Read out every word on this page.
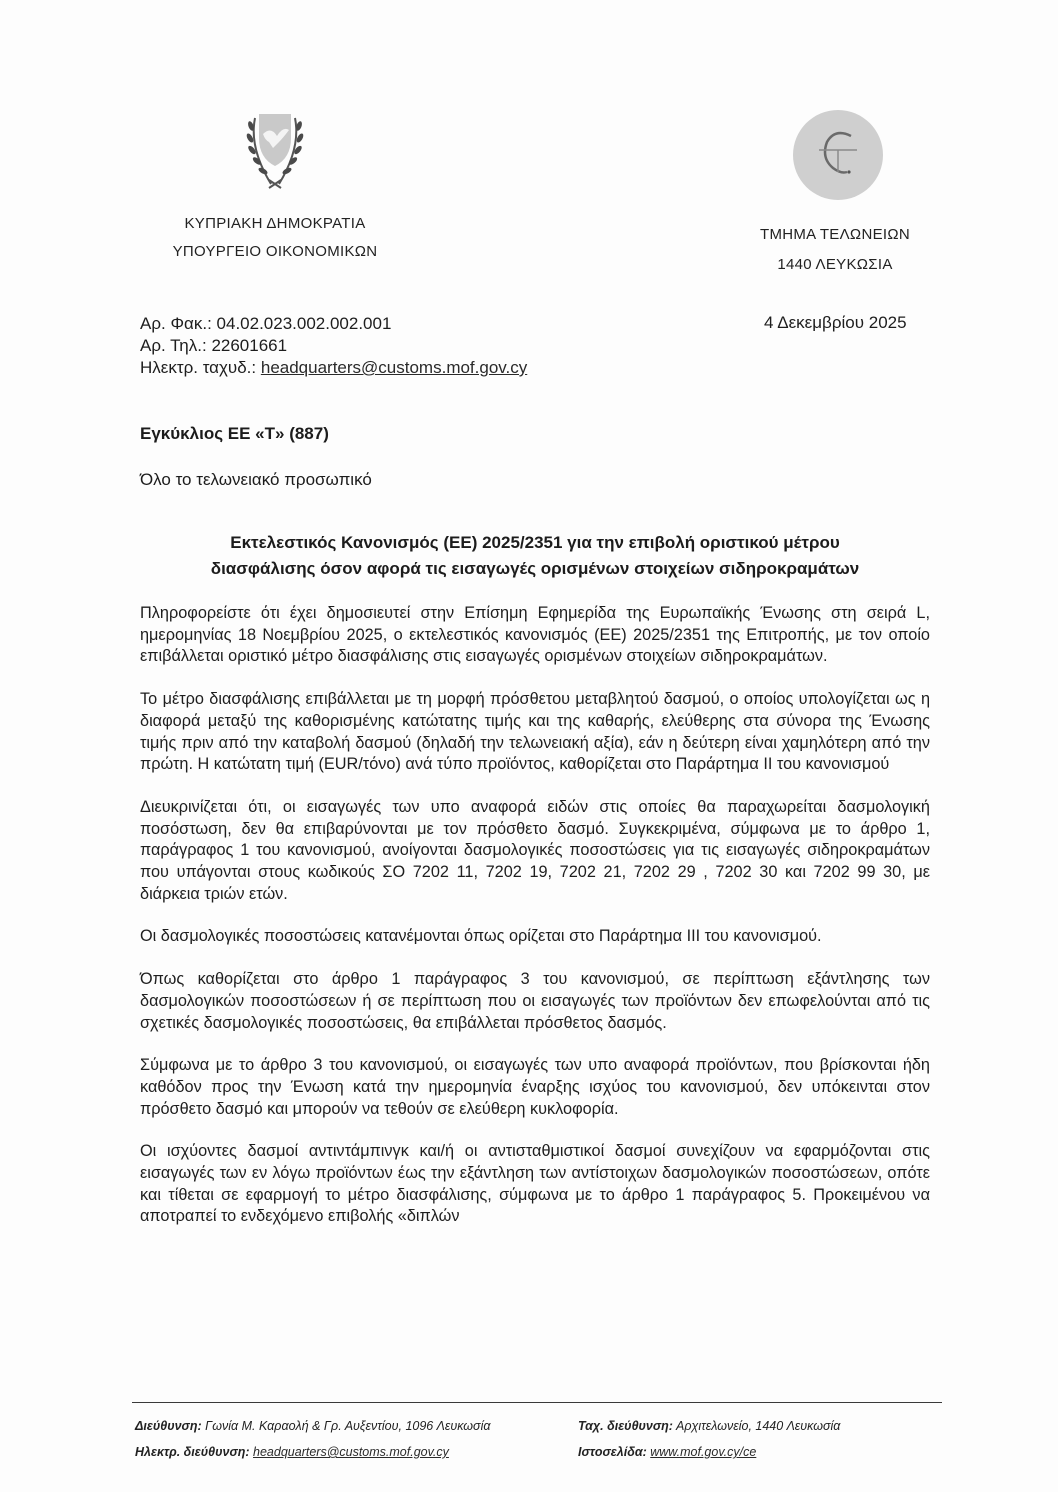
ΚΥΠΡΙΑΚΗ ΔΗΜΟΚΡΑΤΙΑ
ΥΠΟΥΡΓΕΙΟ ΟΙΚΟΝΟΜΙΚΩΝ
ΤΜΗΜΑ ΤΕΛΩΝΕΙΩΝ
1440 ΛΕΥΚΩΣΙΑ
Αρ. Φακ.: 04.02.023.002.002.001
Αρ. Τηλ.: 22601661
Ηλεκτρ. ταχυδ.: headquarters@customs.mof.gov.cy
4 Δεκεμβρίου 2025
Εγκύκλιος ΕΕ «Τ» (887)
Όλο το τελωνειακό προσωπικό
Εκτελεστικός Κανονισμός (ΕΕ) 2025/2351 για την επιβολή οριστικού μέτρου
διασφάλισης όσον αφορά τις εισαγωγές ορισμένων στοιχείων σιδηροκραμάτων

Πληροφορείστε ότι έχει δημοσιευτεί στην Επίσημη Εφημερίδα της Ευρωπαϊκής Ένωσης στη σειρά L, ημερομηνίας 18 Νοεμβρίου 2025, ο εκτελεστικός κανονισμός (ΕΕ) 2025/2351 της Επιτροπής, με τον οποίο επιβάλλεται οριστικό μέτρο διασφάλισης στις εισαγωγές ορισμένων στοιχείων σιδηροκραμάτων.

Το μέτρο διασφάλισης επιβάλλεται με τη μορφή πρόσθετου μεταβλητού δασμού, ο οποίος υπολογίζεται ως η διαφορά μεταξύ της καθορισμένης κατώτατης τιμής και της καθαρής, ελεύθερης στα σύνορα της Ένωσης τιμής πριν από την καταβολή δασμού (δηλαδή την τελωνειακή αξία), εάν η δεύτερη είναι χαμηλότερη από την πρώτη. Η κατώτατη τιμή (EUR/τόνο) ανά τύπο προϊόντος, καθορίζεται στο Παράρτημα ΙΙ του κανονισμού

Διευκρινίζεται ότι, οι εισαγωγές των υπο αναφορά ειδών στις οποίες θα παραχωρείται δασμολογική ποσόστωση, δεν θα επιβαρύνονται με τον πρόσθετο δασμό. Συγκεκριμένα, σύμφωνα με το άρθρο 1, παράγραφος 1 του κανονισμού, ανοίγονται δασμολογικές ποσοστώσεις για τις εισαγωγές σιδηροκραμάτων που υπάγονται στους κωδικούς ΣΟ 7202 11, 7202 19, 7202 21, 7202 29 , 7202 30 και 7202 99 30, με διάρκεια τριών ετών.

Οι δασμολογικές ποσοστώσεις κατανέμονται όπως ορίζεται στο Παράρτημα ΙΙΙ του κανονισμού.

Όπως καθορίζεται στο άρθρο 1 παράγραφος 3 του κανονισμού, σε περίπτωση εξάντλησης των δασμολογικών ποσοστώσεων ή σε περίπτωση που οι εισαγωγές των προϊόντων δεν επωφελούνται από τις σχετικές δασμολογικές ποσοστώσεις, θα επιβάλλεται πρόσθετος δασμός.

Σύμφωνα με το άρθρο 3 του κανονισμού, οι εισαγωγές των υπο αναφορά προϊόντων, που βρίσκονται ήδη καθόδον προς την Ένωση κατά την ημερομηνία έναρξης ισχύος του κανονισμού, δεν υπόκεινται στον πρόσθετο δασμό και μπορούν να τεθούν σε ελεύθερη κυκλοφορία.

Οι ισχύοντες δασμοί αντιντάμπινγκ και/ή οι αντισταθμιστικοί δασμοί συνεχίζουν να εφαρμόζονται στις εισαγωγές των εν λόγω προϊόντων έως την εξάντληση των αντίστοιχων δασμολογικών ποσοστώσεων, οπότε και τίθεται σε εφαρμογή το μέτρο διασφάλισης, σύμφωνα με το άρθρο 1 παράγραφος 5. Προκειμένου να αποτραπεί το ενδεχόμενο επιβολής «διπλών

Διεύθυνση: Γωνία Μ. Καραολή & Γρ. Αυξεντίου, 1096 Λευκωσία
Ηλεκτρ. διεύθυνση: headquarters@customs.mof.gov.cy
Ταχ. διεύθυνση: Αρχιτελωνείο, 1440 Λευκωσία
Ιστοσελίδα: www.mof.gov.cy/ce
